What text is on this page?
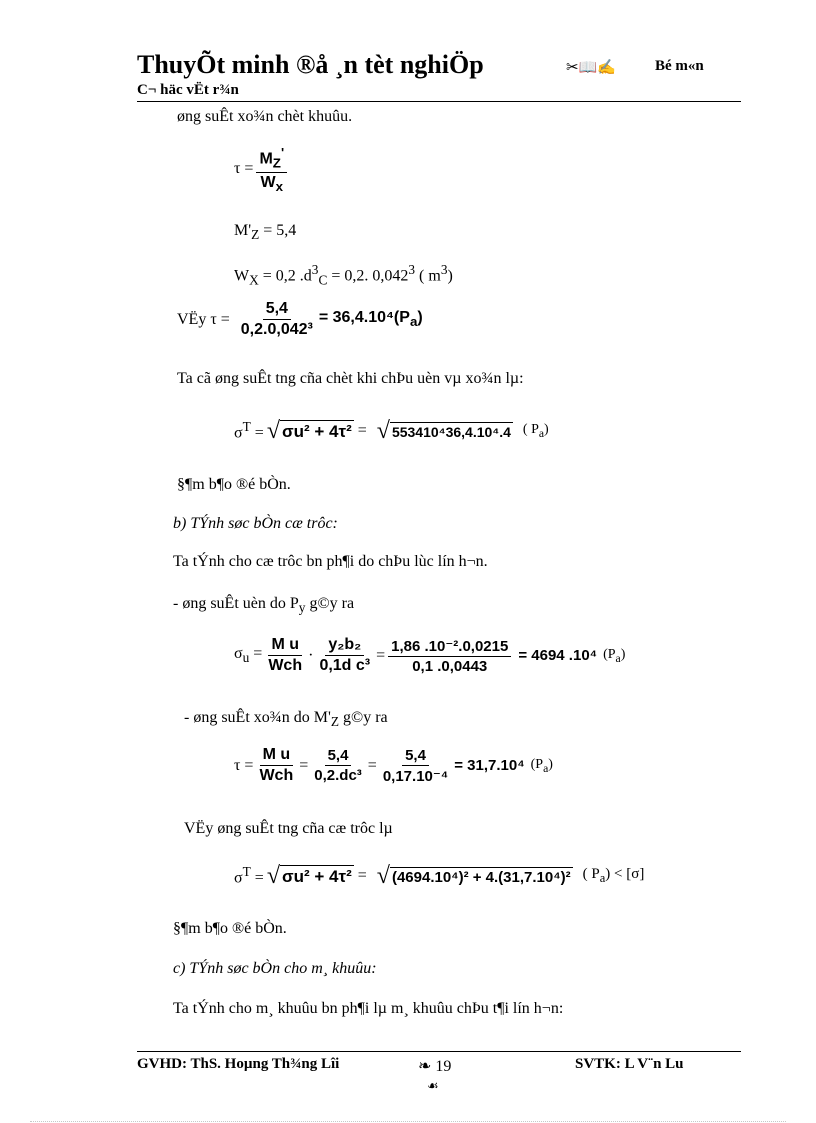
ThuyÕt minh ®å ¸n tèt nghiÖp
C¬ häc vËt r¾n
✂📖✍	Bé m«n
øng suÊt xo¾n chèt khuûu.
$\tau = \frac{M_Z'}{W_x}$
$M'_Z = 5,4$
$W_X = 0,2$ $.d^3_C = 0,2$. 0,042$^3$ ( $m^3$)
VËy $\tau = \frac{5,4}{\text{0,2.0,042³}} = 36,4.10^4(P_a)$
Ta cã øng suÊt tng cña chèt khi chÞu uèn vµ xo¾n lµ:
$\sigma^T$ = √ σu² + 4τ² = √ 553410⁴36,4.10⁴.4 ( $P_a$)
§¶m b¶o ®é bÒn.
b) TÝnh søc bÒn cæ trôc:
Ta tÝnh cho cæ trôc bn ph¶i do chÞu lùc lín h¬n.
- øng suÊt uèn do $P_y$ g©y ra
$\sigma_u = \frac{\text{M u}}{\text{Wch}} \cdot \frac{\text{y₂b₂}}{\text{0,1d c³}} = \frac{\text{1,86 .10⁻².0,0215}}{0,1 .0,0443} = 4694$ .10⁴ $(P_a)$
- øng suÊt xo¾n do $M'_Z$ g©y ra
$\tau = \frac{\text{M u}}{\text{Wch}} = \frac{5,4}{\text{0,2.dc³}} = \frac{5,4}{\text{0,17.10⁻⁴}} = 31,7.10^4$ $(P_a)$
VËy øng suÊt tng cña cæ trôc lµ
$\sigma^T$ = √ σu² + 4τ² = √ (4694.10⁴)² + 4.(31,7.10⁴)² ( $P_a) < [\sigma]$
§¶m b¶o ®é bÒn.
c) TÝnh søc bÒn cho m¸ khuûu:
Ta tÝnh cho m¸ khuûu bn ph¶i lµ m¸ khuûu chÞu t¶i lín h¬n:
GVHD: ThS. Hoµng Th¾ng Lîi	❧ 19
☙
SVTK: L V¨n Lu
